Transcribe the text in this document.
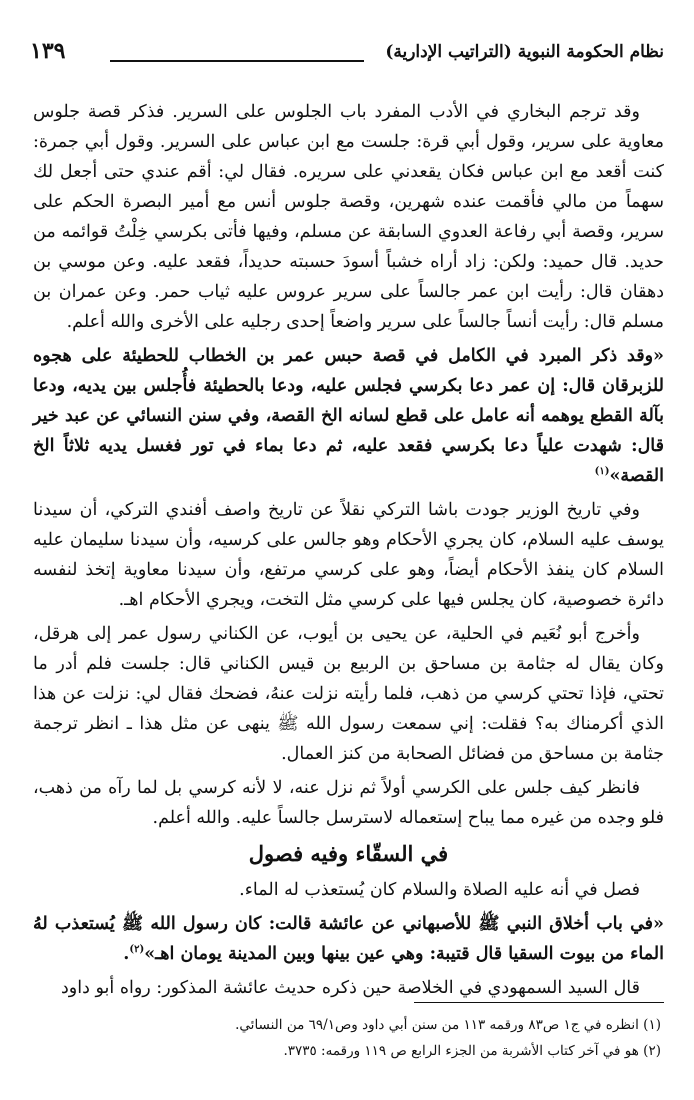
نظام الحكومة النبوية (التراتيب الإدارية)
١٣٩

وقد ترجم البخاري في الأدب المفرد باب الجلوس على السرير. فذكر قصة جلوس معاوية على سرير، وقول أبي قرة: جلست مع ابن عباس على السرير. وقول أبي جمرة: كنت أقعد مع ابن عباس فكان يقعدني على سريره. فقال لي: أقم عندي حتى أجعل لك سهماً من مالي فأقمت عنده شهرين، وقصة جلوس أنس مع أمير البصرة الحكم على سرير، وقصة أبي رفاعة العدوي السابقة عن مسلم، وفيها فأتى بكرسي خِلْتُ قوائمه من حديد. قال حميد: ولكن: زاد أراه خشباً أسودَ حسبته حديداً، فقعد عليه. وعن موسي بن دهقان قال: رأيت ابن عمر جالساً على سرير عروس عليه ثياب حمر. وعن عمران بن مسلم قال: رأيت أنساً جالساً على سرير واضعاً إحدى رجليه على الأخرى والله أعلم.

«وقد ذكر المبرد في الكامل في قصة حبس عمر بن الخطاب للحطيئة على هجوه للزبرقان قال: إن عمر دعا بكرسي فجلس عليه، ودعا بالحطيئة فأُجلس بين يديه، ودعا بآلة القطع يوهمه أنه عامل على قطع لسانه الخ القصة، وفي سنن النسائي عن عبد خير قال: شهدت علياً دعا بكرسي فقعد عليه، ثم دعا بماء في تور فغسل يديه ثلاثاً الخ القصة»$^{(١)}$

وفي تاريخ الوزير جودت باشا التركي نقلاً عن تاريخ واصف أفندي التركي، أن سيدنا يوسف عليه السلام، كان يجري الأحكام وهو جالس على كرسيه، وأن سيدنا سليمان عليه السلام كان ينفذ الأحكام أيضاً، وهو على كرسي مرتفع، وأن سيدنا معاوية إتخذ لنفسه دائرة خصوصية، كان يجلس فيها على كرسي مثل التخت، ويجري الأحكام اهـ.

وأخرج أبو نُعَيم في الحلية، عن يحيى بن أيوب، عن الكناني رسول عمر إلى هرقل، وكان يقال له جثامة بن مساحق بن الربيع بن قيس الكناني قال: جلست فلم أدر ما تحتي، فإذا تحتي كرسي من ذهب، فلما رأيته نزلت عنهُ، فضحك فقال لي: نزلت عن هذا الذي أكرمناك به؟ فقلت: إني سمعت رسول الله ﷺ ينهى عن مثل هذا ـ انظر ترجمة جثامة بن مساحق من فضائل الصحابة من كنز العمال.

فانظر كيف جلس على الكرسي أولاً ثم نزل عنه، لا لأنه كرسي بل لما رآه من ذهب، فلو وجده من غيره مما يباح إستعماله لاسترسل جالساً عليه. والله أعلم.

في السقّاء وفيه فصول

فصل في أنه عليه الصلاة والسلام كان يُستعذب له الماء.

«في باب أخلاق النبي ﷺ للأصبهاني عن عائشة قالت: كان رسول الله ﷺ يُستعذب لهُ الماء من بيوت السقيا قال قتيبة: وهي عين بينها وبين المدينة يومان اهـ»$^{(٢)}$.

قال السيد السمهودي في الخلاصة حين ذكره حديث عائشة المذكور: رواه أبو داود

(١) انظره في ج١ ص٨٣ ورقمه ١١٣ من سنن أبي داود وص٦٩/١ من النسائي.

(٢) هو في آخر كتاب الأشربة من الجزء الرابع ص ١١٩ ورقمه: ٣٧٣٥.
